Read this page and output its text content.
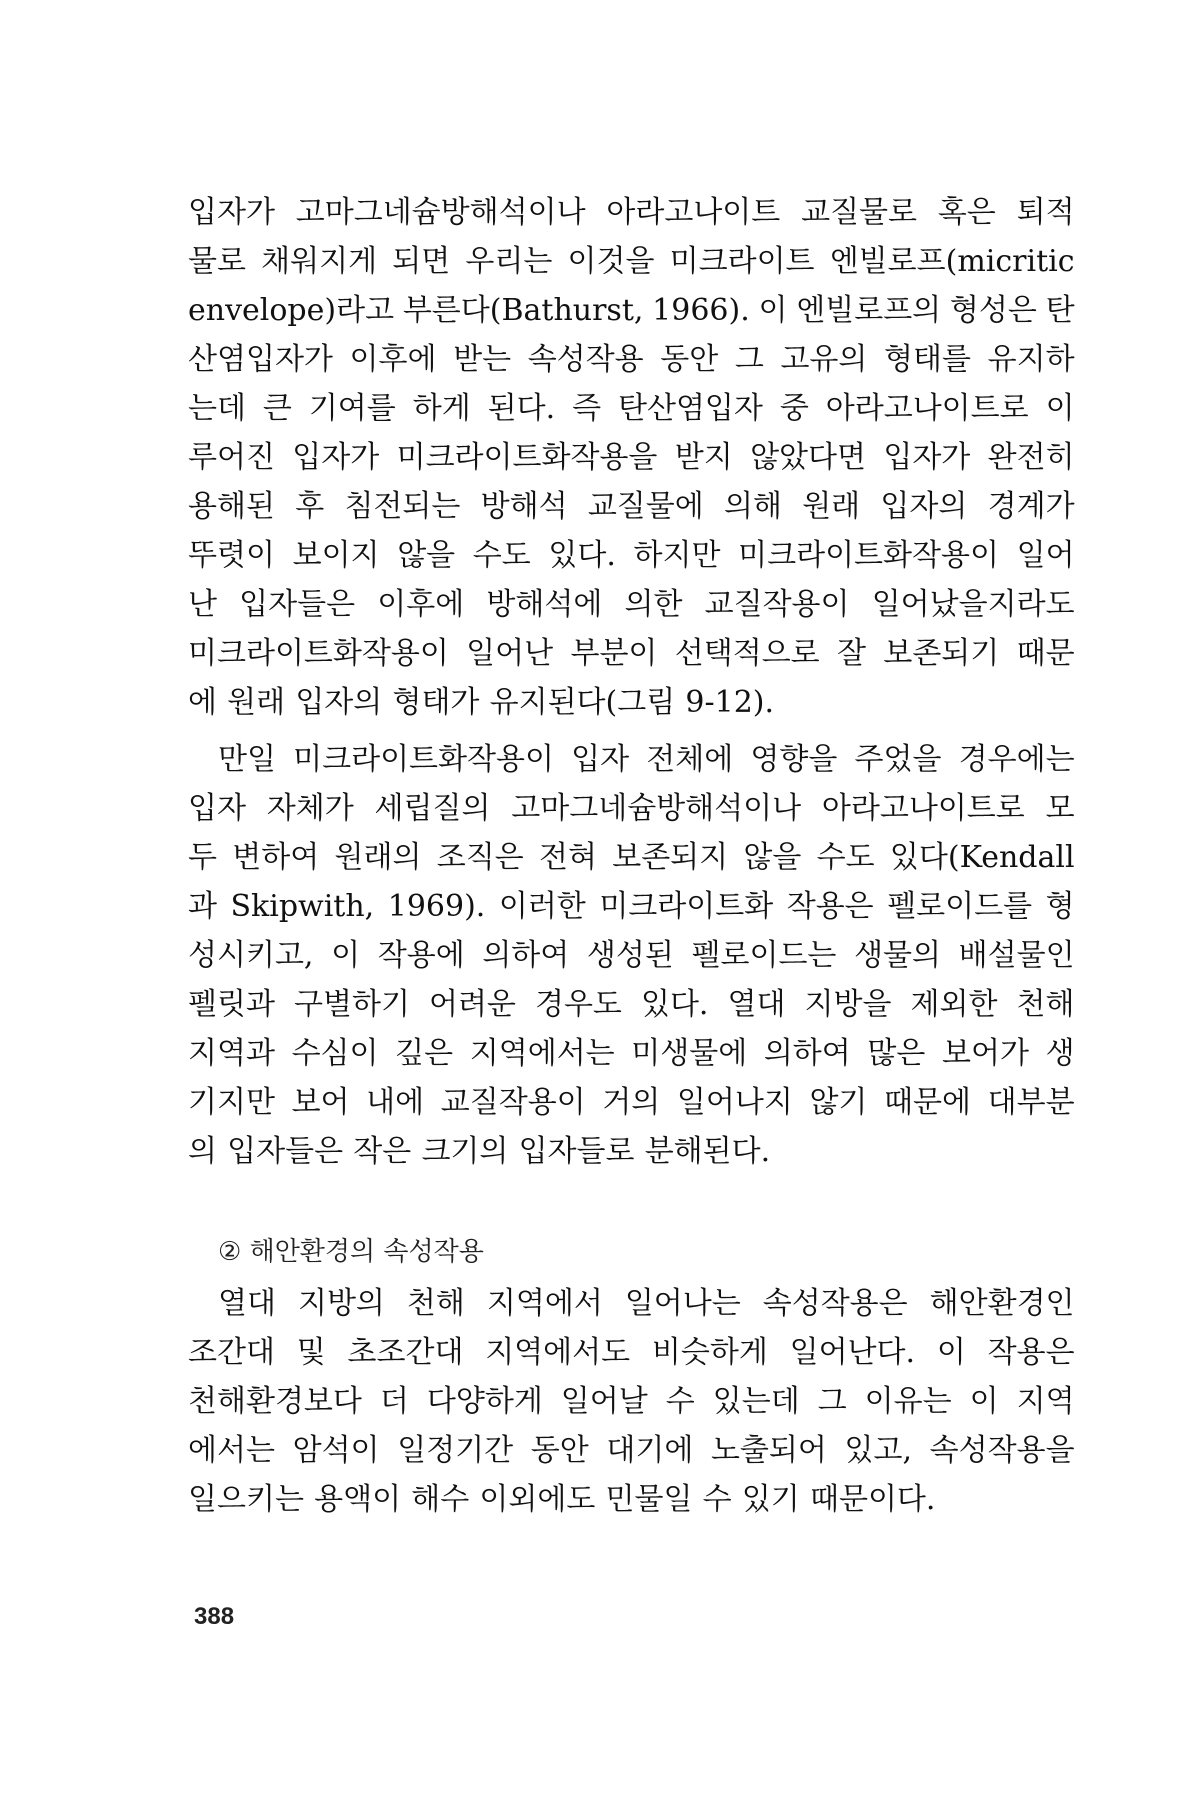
입자가 고마그네슘방해석이나 아라고나이트 교질물로 혹은 퇴적
물로 채워지게 되면 우리는 이것을 미크라이트 엔빌로프(micritic
envelope)라고 부른다(Bathurst, 1966). 이 엔빌로프의 형성은 탄
산염입자가 이후에 받는 속성작용 동안 그 고유의 형태를 유지하
는데 큰 기여를 하게 된다. 즉 탄산염입자 중 아라고나이트로 이
루어진 입자가 미크라이트화작용을 받지 않았다면 입자가 완전히
용해된 후 침전되는 방해석 교질물에 의해 원래 입자의 경계가
뚜렷이 보이지 않을 수도 있다. 하지만 미크라이트화작용이 일어
난 입자들은 이후에 방해석에 의한 교질작용이 일어났을지라도
미크라이트화작용이 일어난 부분이 선택적으로 잘 보존되기 때문
에 원래 입자의 형태가 유지된다(그림 9-12).
만일 미크라이트화작용이 입자 전체에 영향을 주었을 경우에는
입자 자체가 세립질의 고마그네슘방해석이나 아라고나이트로 모
두 변하여 원래의 조직은 전혀 보존되지 않을 수도 있다(Kendall
과 Skipwith, 1969). 이러한 미크라이트화 작용은 펠로이드를 형
성시키고, 이 작용에 의하여 생성된 펠로이드는 생물의 배설물인
펠릿과 구별하기 어려운 경우도 있다. 열대 지방을 제외한 천해
지역과 수심이 깊은 지역에서는 미생물에 의하여 많은 보어가 생
기지만 보어 내에 교질작용이 거의 일어나지 않기 때문에 대부분
의 입자들은 작은 크기의 입자들로 분해된다.
② 해안환경의 속성작용
열대 지방의 천해 지역에서 일어나는 속성작용은 해안환경인
조간대 및 초조간대 지역에서도 비슷하게 일어난다. 이 작용은
천해환경보다 더 다양하게 일어날 수 있는데 그 이유는 이 지역
에서는 암석이 일정기간 동안 대기에 노출되어 있고, 속성작용을
일으키는 용액이 해수 이외에도 민물일 수 있기 때문이다.
388
